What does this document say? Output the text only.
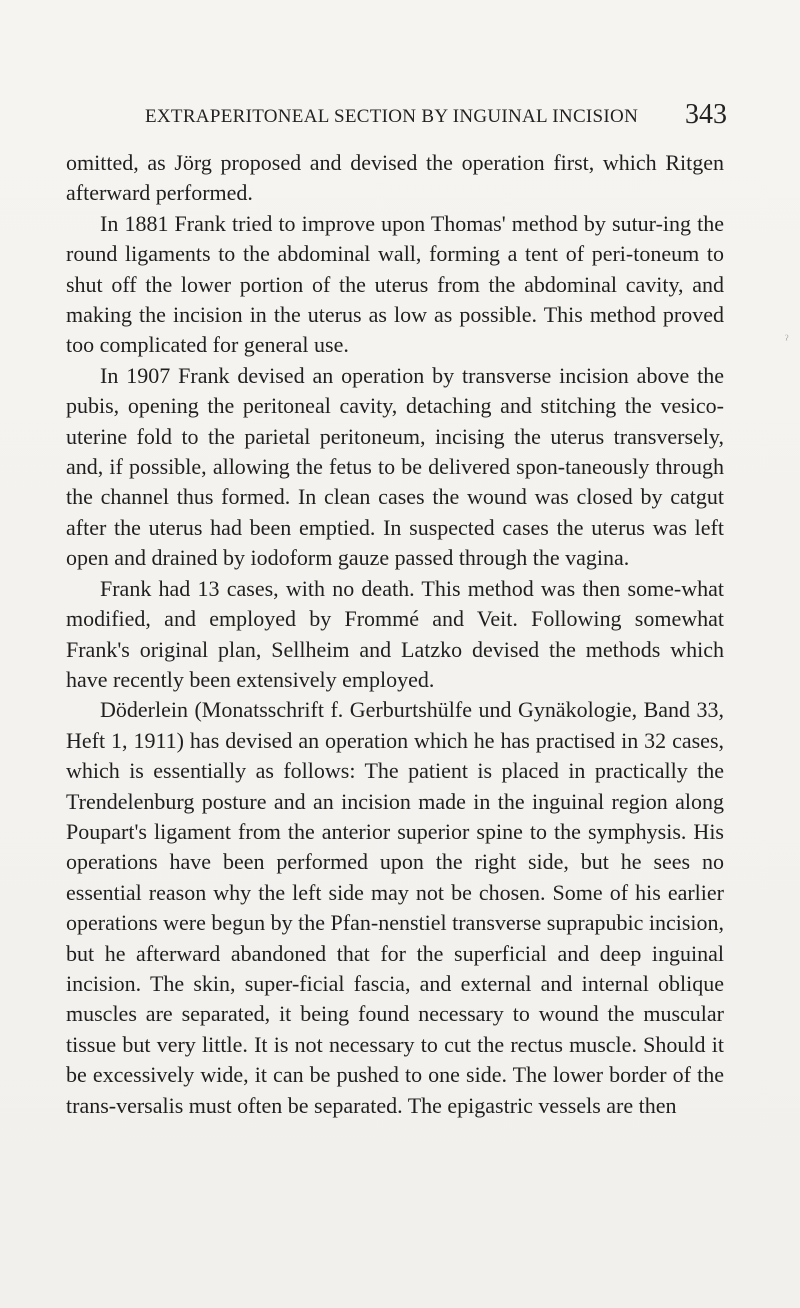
EXTRAPERITONEAL SECTION BY INGUINAL INCISION 343

omitted, as Jörg proposed and devised the operation first, which Ritgen afterward performed.

In 1881 Frank tried to improve upon Thomas' method by sutur-ing the round ligaments to the abdominal wall, forming a tent of peri-toneum to shut off the lower portion of the uterus from the abdominal cavity, and making the incision in the uterus as low as possible. This method proved too complicated for general use.

In 1907 Frank devised an operation by transverse incision above the pubis, opening the peritoneal cavity, detaching and stitching the vesico-uterine fold to the parietal peritoneum, incising the uterus transversely, and, if possible, allowing the fetus to be delivered spon-taneously through the channel thus formed. In clean cases the wound was closed by catgut after the uterus had been emptied. In suspected cases the uterus was left open and drained by iodoform gauze passed through the vagina.

Frank had 13 cases, with no death. This method was then some-what modified, and employed by Frommé and Veit. Following somewhat Frank's original plan, Sellheim and Latzko devised the methods which have recently been extensively employed.

Döderlein (Monatsschrift f. Gerburtshülfe und Gynäkologie, Band 33, Heft 1, 1911) has devised an operation which he has practised in 32 cases, which is essentially as follows: The patient is placed in practically the Trendelenburg posture and an incision made in the inguinal region along Poupart's ligament from the anterior superior spine to the symphysis. His operations have been performed upon the right side, but he sees no essential reason why the left side may not be chosen. Some of his earlier operations were begun by the Pfan-nenstiel transverse suprapubic incision, but he afterward abandoned that for the superficial and deep inguinal incision. The skin, super-ficial fascia, and external and internal oblique muscles are separated, it being found necessary to wound the muscular tissue but very little. It is not necessary to cut the rectus muscle. Should it be excessively wide, it can be pushed to one side. The lower border of the trans-versalis must often be separated. The epigastric vessels are then

ˀ
